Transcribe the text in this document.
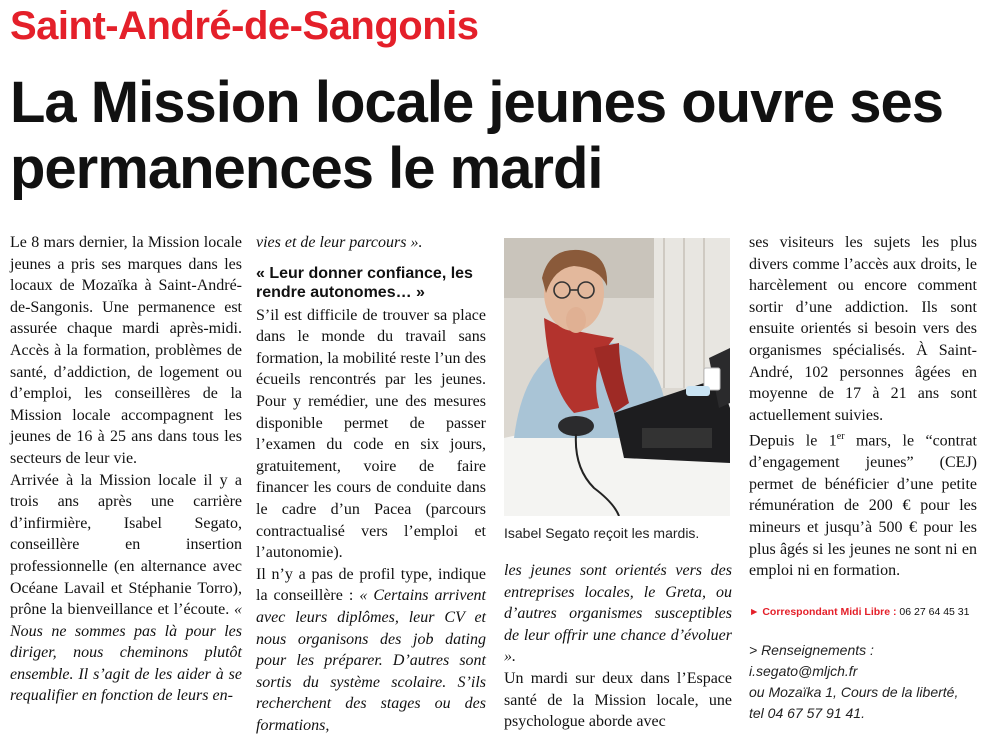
Saint-André-de-Sangonis
La Mission locale jeunes ouvre ses permanences le mardi

Le 8 mars dernier, la Mission locale jeunes a pris ses marques dans les locaux de Mozaïka à Saint-André-de-Sangonis. Une permanence est assurée chaque mardi après-midi. Accès à la formation, problèmes de santé, d’addiction, de logement ou d’emploi, les conseillères de la Mission locale accompagnent les jeunes de 16 à 25 ans dans tous les secteurs de leur vie.

Arrivée à la Mission locale il y a trois ans après une carrière d’infirmière, Isabel Segato, conseillère en insertion professionnelle (en alternance avec Océane Lavail et Stéphanie Torro), prône la bienveillance et l’écoute. « Nous ne sommes pas là pour les diriger, nous cheminons plutôt ensemble. Il s’agit de les aider à se requalifier en fonction de leurs en-

vies et de leur parcours ».

« Leur donner confiance, les rendre autonomes… »

S’il est difficile de trouver sa place dans le monde du travail sans formation, la mobilité reste l’un des écueils rencontrés par les jeunes. Pour y remédier, une des mesures disponible permet de passer l’examen du code en six jours, gratuitement, voire de faire financer les cours de conduite dans le cadre d’un Pacea (parcours contractualisé vers l’emploi et l’autonomie).

Il n’y a pas de profil type, indique la conseillère : « Certains arrivent avec leurs diplômes, leur CV et nous organisons des job dating pour les préparer. D’autres sont sortis du système scolaire. S’ils recherchent des stages ou des formations,

Isabel Segato reçoit les mardis.

les jeunes sont orientés vers des entreprises locales, le Greta, ou d’autres organismes susceptibles de leur offrir une chance d’évoluer ».

Un mardi sur deux dans l’Espace santé de la Mission locale, une psychologue aborde avec

ses visiteurs les sujets les plus divers comme l’accès aux droits, le harcèlement ou encore comment sortir d’une addiction. Ils sont ensuite orientés si besoin vers des organismes spécialisés. À Saint-André, 102 personnes âgées en moyenne de 17 à 21 ans sont actuellement suivies.

Depuis le 1er mars, le “contrat d’engagement jeunes” (CEJ) permet de bénéficier d’une petite rémunération de 200 € pour les mineurs et jusqu’à 500 € pour les plus âgés si les jeunes ne sont ni en emploi ni en formation.

► Correspondant Midi Libre : 06 27 64 45 31
> Renseignements :
i.segato@mljch.fr
ou Mozaïka 1, Cours de la liberté,
tel 04 67 57 91 41.
